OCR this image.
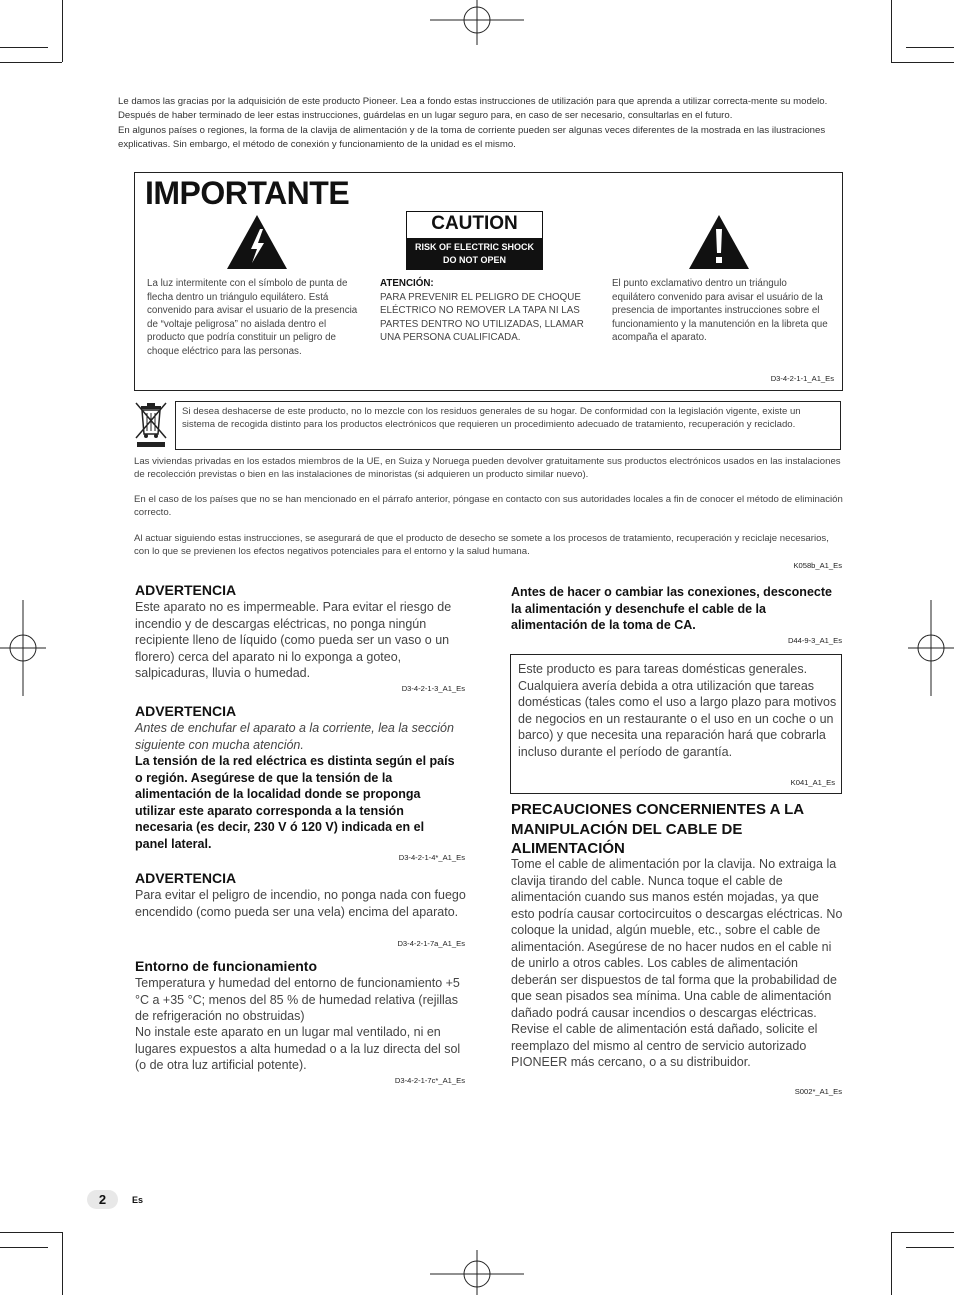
Le damos las gracias por la adquisición de este producto Pioneer. Lea a fondo estas instrucciones de utilización para que aprenda a utilizar correcta-mente su modelo. Después de haber terminado de leer estas instrucciones, guárdelas en un lugar seguro para, en caso de ser necesario, consultarlas en el futuro.

En algunos países o regiones, la forma de la clavija de alimentación y de la toma de corriente pueden ser algunas veces diferentes de la mostrada en las ilustraciones explicativas. Sin embargo, el método de conexión y funcionamiento de la unidad es el mismo.

IMPORTANTE
CAUTION
RISK OF ELECTRIC SHOCK
DO NOT OPEN
La luz intermitente con el símbolo de punta de flecha dentro un triángulo equilátero. Está convenido para avisar el usuario de la presencia de “voltaje peligrosa” no aislada dentro el producto que podría constituir un peligro de choque eléctrico para las personas.
ATENCIÓN:
PARA PREVENIR EL PELIGRO DE CHOQUE ELÉCTRICO NO REMOVER LA TAPA NI LAS PARTES DENTRO NO UTILIZADAS, LLAMAR UNA PERSONA CUALIFICADA.
El punto exclamativo dentro un triángulo equilátero convenido para avisar el usuário de la presencia de importantes instrucciones sobre el funcionamiento y la manutención en la libreta que acompaña el aparato.
D3-4-2-1-1_A1_Es
Si desea deshacerse de este producto, no lo mezcle con los residuos generales de su hogar. De conformidad con la legislación vigente, existe un sistema de recogida distinto para los productos electrónicos que requieren un procedimiento adecuado de tratamiento, recuperación y reciclado.

Las viviendas privadas en los estados miembros de la UE, en Suiza y Noruega pueden devolver gratuitamente sus productos electrónicos usados en las instalaciones de recolección previstas o bien en las instalaciones de minoristas (si adquieren un producto similar nuevo).

En el caso de los países que no se han mencionado en el párrafo anterior, póngase en contacto con sus autoridades locales a fin de conocer el método de eliminación correcto.

Al actuar siguiendo estas instrucciones, se asegurará de que el producto de desecho se somete a los procesos de tratamiento, recuperación y reciclaje necesarios, con lo que se previenen los efectos negativos potenciales para el entorno y la salud humana.

K058b_A1_Es
ADVERTENCIA
Este aparato no es impermeable. Para evitar el riesgo de incendio y de descargas eléctricas, no ponga ningún recipiente lleno de líquido (como pueda ser un vaso o un florero) cerca del aparato ni lo exponga a goteo, salpicaduras, lluvia o humedad.
D3-4-2-1-3_A1_Es
ADVERTENCIA
Antes de enchufar el aparato a la corriente, lea la sección siguiente con mucha atención.
La tensión de la red eléctrica es distinta según el país o región. Asegúrese de que la tensión de la alimentación de la localidad donde se proponga utilizar este aparato corresponda a la tensión necesaria (es decir, 230 V ó 120 V) indicada en el panel lateral.
D3-4-2-1-4*_A1_Es
ADVERTENCIA
Para evitar el peligro de incendio, no ponga nada con fuego encendido (como pueda ser una vela) encima del aparato.
D3-4-2-1-7a_A1_Es
Entorno de funcionamiento
Temperatura y humedad del entorno de funcionamiento +5 °C a +35 °C; menos del 85 % de humedad relativa (rejillas de refrigeración no obstruidas)
No instale este aparato en un lugar mal ventilado, ni en lugares expuestos a alta humedad o a la luz directa del sol (o de otra luz artificial potente).
D3-4-2-1-7c*_A1_Es
Antes de hacer o cambiar las conexiones, desconecte la alimentación y desenchufe el cable de la alimentación de la toma de CA.
D44-9-3_A1_Es
Este producto es para tareas domésticas generales. Cualquiera avería debida a otra utilización que tareas domésticas (tales como el uso a largo plazo para motivos de negocios en un restaurante o el uso en un coche o un barco) y que necesita una reparación hará que cobrarla incluso durante el período de garantía.
K041_A1_Es
PRECAUCIONES CONCERNIENTES A LA MANIPULACIÓN DEL CABLE DE ALIMENTACIÓN
Tome el cable de alimentación por la clavija. No extraiga la clavija tirando del cable. Nunca toque el cable de alimentación cuando sus manos estén mojadas, ya que esto podría causar cortocircuitos o descargas eléctricas. No coloque la unidad, algún mueble, etc., sobre el cable de alimentación. Asegúrese de no hacer nudos en el cable ni de unirlo a otros cables. Los cables de alimentación deberán ser dispuestos de tal forma que la probabilidad de que sean pisados sea mínima. Una cable de alimentación dañado podrá causar incendios o descargas eléctricas. Revise el cable de alimentación está dañado, solicite el reemplazo del mismo al centro de servicio autorizado PIONEER más cercano, o a su distribuidor.
S002*_A1_Es
2	Es
